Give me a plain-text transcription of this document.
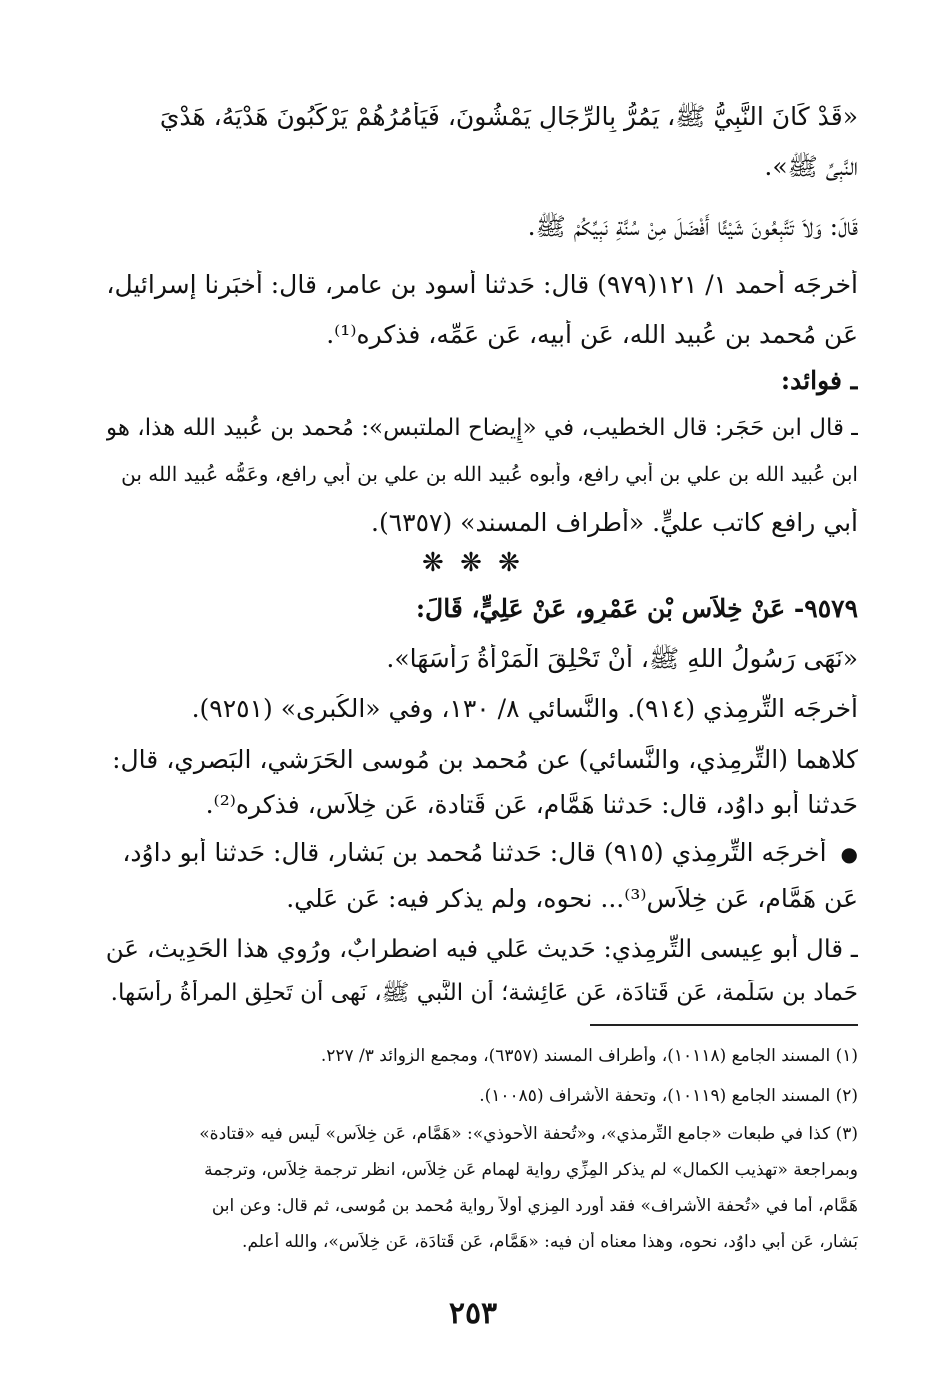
«قَدْ كَانَ النَّبِيُّ ﷺ، يَمُرُّ بِالرِّجَالِ يَمْشُونَ، فَيَأْمُرُهُمْ يَرْكَبُونَ هَدْيَهُ، هَدْيَ
النَّبِيِّ ﷺ».
قَالَ: وَلاَ تَتَّبِعُونَ شَيْئًا أَفْضَلَ مِنْ سُنَّةِ نَبِيِّكُمْ ﷺ.
أخرجَه أحمد ١/ ١٢١(٩٧٩) قال: حَدثنا أَسود بن عامر، قال: أَخبَرنا إِسرائيل،
عَن مُحمد بن عُبيد الله، عَن أَبيه، عَن عَمِّه، فذكره⁽¹⁾.
ـ فوائد:
ـ قال ابن حَجَر: قال الخطيب، في «إِيضاح الملتبس»: مُحمد بن عُبيد الله هذا، هو
ابن عُبيد الله بن علي بن أَبي رافع، وأَبوه عُبيد الله بن علي بن أَبي رافع، وعَمُّه عُبيد الله بن
أَبي رافع كاتب عليٍّ. «أَطراف المسند» (٦٣٥٧).
❋ ❋ ❋
٩٥٧٩- عَنْ خِلاَسِ بْنِ عَمْرٍو، عَنْ عَلِيٍّ، قَالَ:
«نَهَى رَسُولُ اللهِ ﷺ، أَنْ تَحْلِقَ الْمَرْأَةُ رَأْسَهَا».
أَخرجَه التِّرمِذي (٩١٤). والنَّسائي ٨/ ١٣٠، وفي «الكُبرى» (٩٢٥١).
كلاهما (التِّرمِذي، والنَّسائي) عن مُحمد بن مُوسى الحَرَشي، البَصري، قال:
حَدثنا أَبو داوُد، قال: حَدثنا هَمَّام، عَن قَتادة، عَن خِلاَس، فذكره⁽²⁾.
● أَخرجَه التِّرمِذي (٩١٥) قال: حَدثنا مُحمد بن بَشار، قال: حَدثنا أَبو داوُد،
عَن هَمَّام، عَن خِلاَس⁽³⁾... نحوه، ولم يذكر فيه: عَن عَلي.
ـ قال أَبو عِيسى التِّرمِذي: حَديث عَلي فيه اضطرابٌ، ورُوِي هذا الحَدِيث، عَن
حَماد بن سَلَمة، عَن قَتادَة، عَن عَائِشة؛ أَن النَّبي ﷺ، نَهى أَن تَحلِق المرأَةُ رأْسَها.
(١) المسند الجامع (١٠١١٨)، وأَطراف المسند (٦٣٥٧)، ومجمع الزوائد ٣/ ٢٢٧.
(٢) المسند الجامع (١٠١١٩)، وتحفة الأشراف (١٠٠٨٥).
(٣) كذا في طبعات «جامع التِّرمذي»، و«تُحفة الأحوذي»: «هَمَّام، عَن خِلاَس» لَيس فيه «قتادة»
وبمراجعة «تهذيب الكمال» لم يذكر المِزِّي رواية لهمام عَن خِلاَس، انظر ترجمة خِلاَس، وترجمة
هَمَّام، أما في «تُحفة الأشراف» فقد أورد المِزي أولاً رواية مُحمد بن مُوسى، ثم قال: وعن ابن
بَشار، عَن أَبي داوُد، نحوه، وهذا معناه أن فيه: «هَمَّام، عَن قَتادَة، عَن خِلاَس»، والله أعلم.
٢٥٣
